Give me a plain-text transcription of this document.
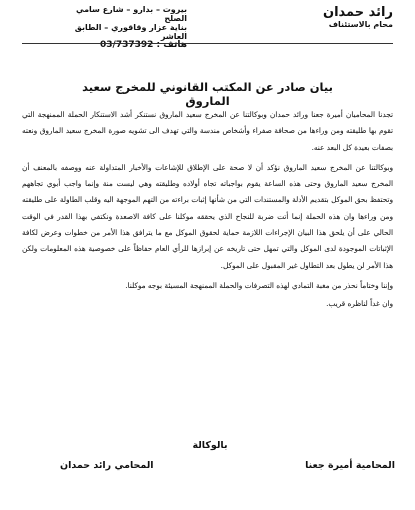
رائد حمدان
محام بالاستئناف
بيروت – بدارو – شارع سامي الصلح
بناية عزار وقاقوري – الطابق العاشر
هاتف : 03/737392
بيان صادر عن المكتب القانوني للمخرج سعيد الماروق

تجدنا المحاميان أميرة جعنا ورائد حمدان وبوكالتنا عن المخرج سعيد الماروق نستنكر أشد الاستنكار الحملة الممنهجة التي تقوم بها طليقته ومن وراءها من صحافة صفراء وأشخاص مندسة والتي تهدف الى تشويه صورة المخرج سعيد الماروق ونعته بصفات بعيدة كل البعد عنه.

وبوكالتنا عن المخرج سعيد الماروق نؤكد أن لا صحة على الإطلاق للإشاعات والأخبار المتداولة عنه ووصفه بالمعنف أن المخرج سعيد الماروق وحتى هذه الساعة يقوم بواجباته تجاه أولاده وطليقته وهي ليست منة وإنما واجب أبوي تجاههم وتحتفظ بحق الموكل بتقديم الأدلة والمستندات التي من شأنها إثبات براءته من التهم الموجهة اليه وقلب الطاولة على طليقته ومن وراءها وان هذه الحملة إنما أتت ضربة للنجاح الذي يحققه موكلنا على كافة الاصعدة ونكتفي بهذا القدر في الوقت الحالي على أن يلحق هذا البيان الإجراءات اللازمة حماية لحقوق الموكل مع ما يترافق هذا الأمر من خطوات وعرض لكافة الإثباتات الموجودة لدى الموكل والتي تمهل حتى تاريخه عن إبرازها للرأي العام حفاظاً على خصوصية هذه المعلومات ولكن هذا الأمر لن يطول بعد التطاول غير المقبول على الموكل.

وإننا وختاماً نحذر من مغبة التمادي لهذه التصرفات والحملة الممنهجة المسيئة بوجه موكلنا.

وان غداً لناظره قريب.

بالوكالة
المحامية أميرة جعنا
المحامي رائد حمدان
